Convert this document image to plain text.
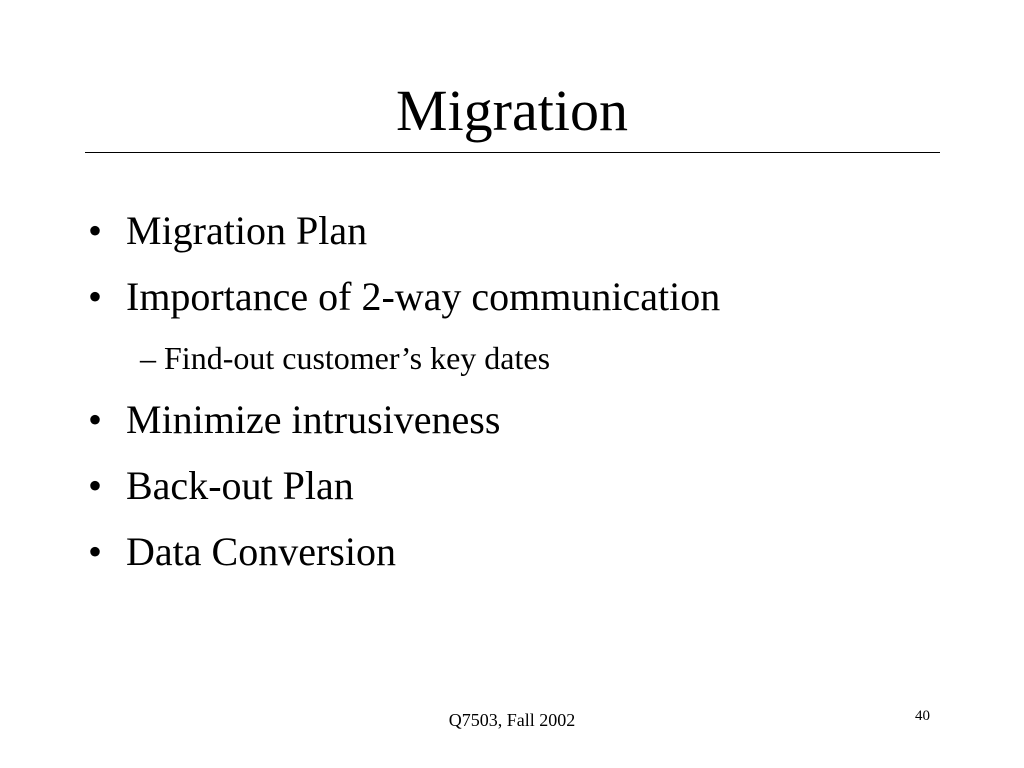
Migration
• Migration Plan
• Importance of 2-way communication
– Find-out customer’s key dates
• Minimize intrusiveness
• Back-out Plan
• Data Conversion
Q7503, Fall 2002	40
